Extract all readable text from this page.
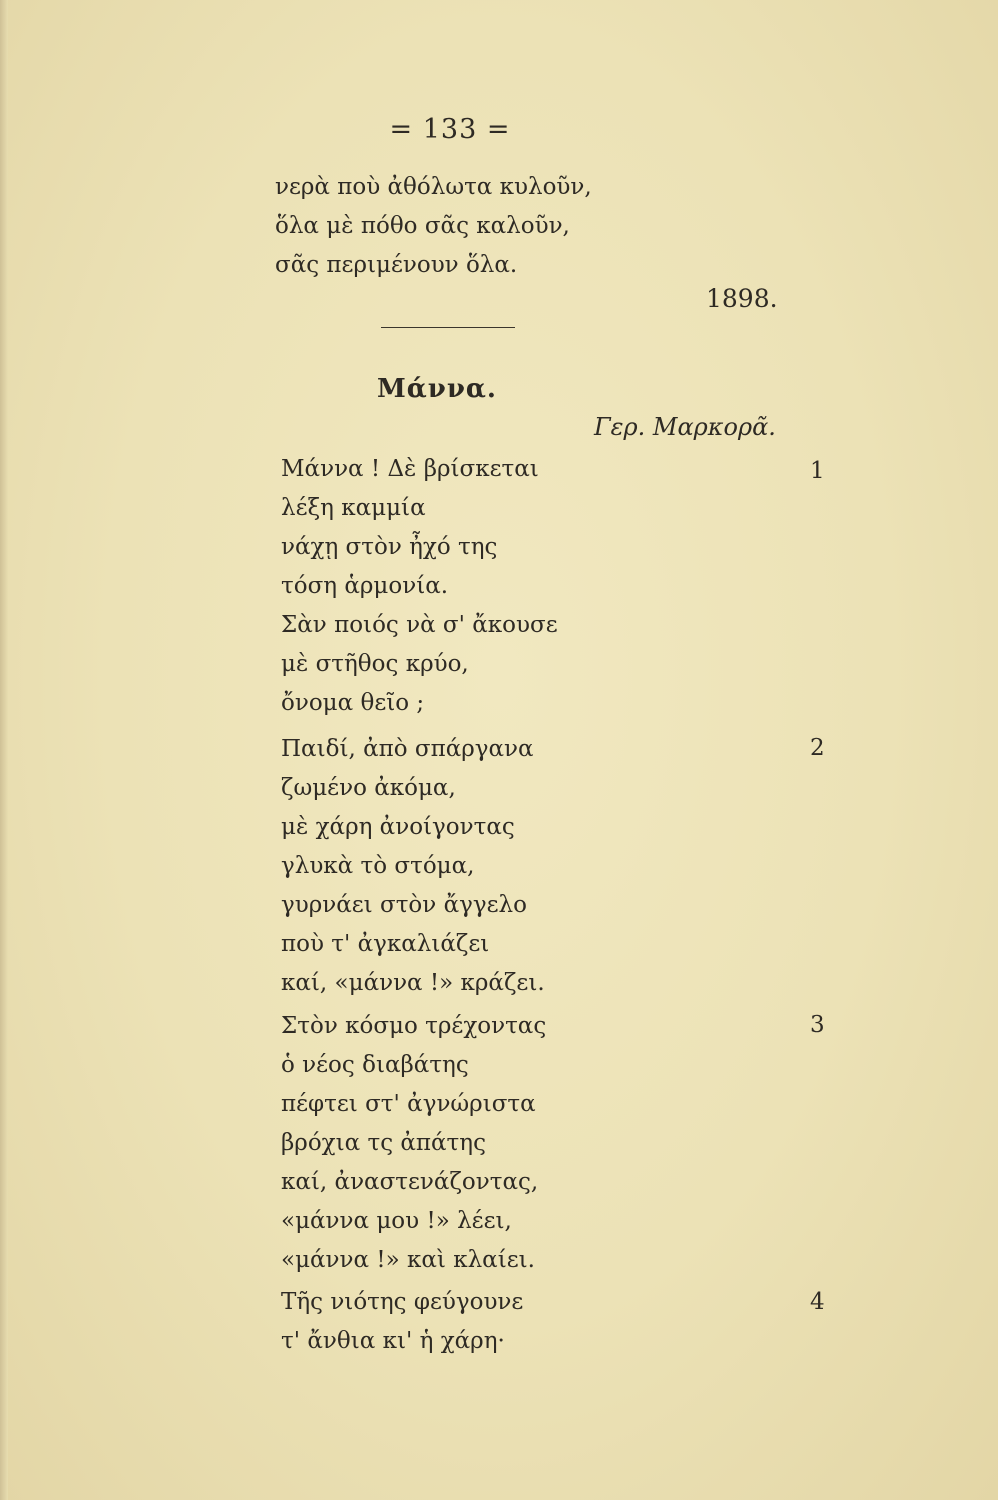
= 133 =
νερὰ ποὺ ἀθόλωτα κυλοῦν,
ὅλα μὲ πόθο σᾶς καλοῦν,
σᾶς περιμένουν ὅλα.
1898.
Μάννα.
Γερ. Μαρκορᾶ.
1
Μάννα ! Δὲ βρίσκεται
λέξη καμμία
νάχῃ στὸν ἦχό της
τόση ἁρμονία.
Σὰν ποιός νὰ σ' ἄκουσε
μὲ στῆθος κρύο,
ὄνομα θεῖο ;
2
Παιδί, ἀπὸ σπάργανα
ζωμένο ἀκόμα,
μὲ χάρη ἀνοίγοντας
γλυκὰ τὸ στόμα,
γυρνάει στὸν ἄγγελο
ποὺ τ' ἀγκαλιάζει
καί, «μάννα !» κράζει.
3
Στὸν κόσμο τρέχοντας
ὁ νέος διαβάτης
πέφτει στ' ἀγνώριστα
βρόχια τς ἀπάτης
καί, ἀναστενάζοντας,
«μάννα μου !» λέει,
«μάννα !» καὶ κλαίει.
4
Τῆς νιότης φεύγουνε
τ' ἄνθια κι' ἡ χάρη·
